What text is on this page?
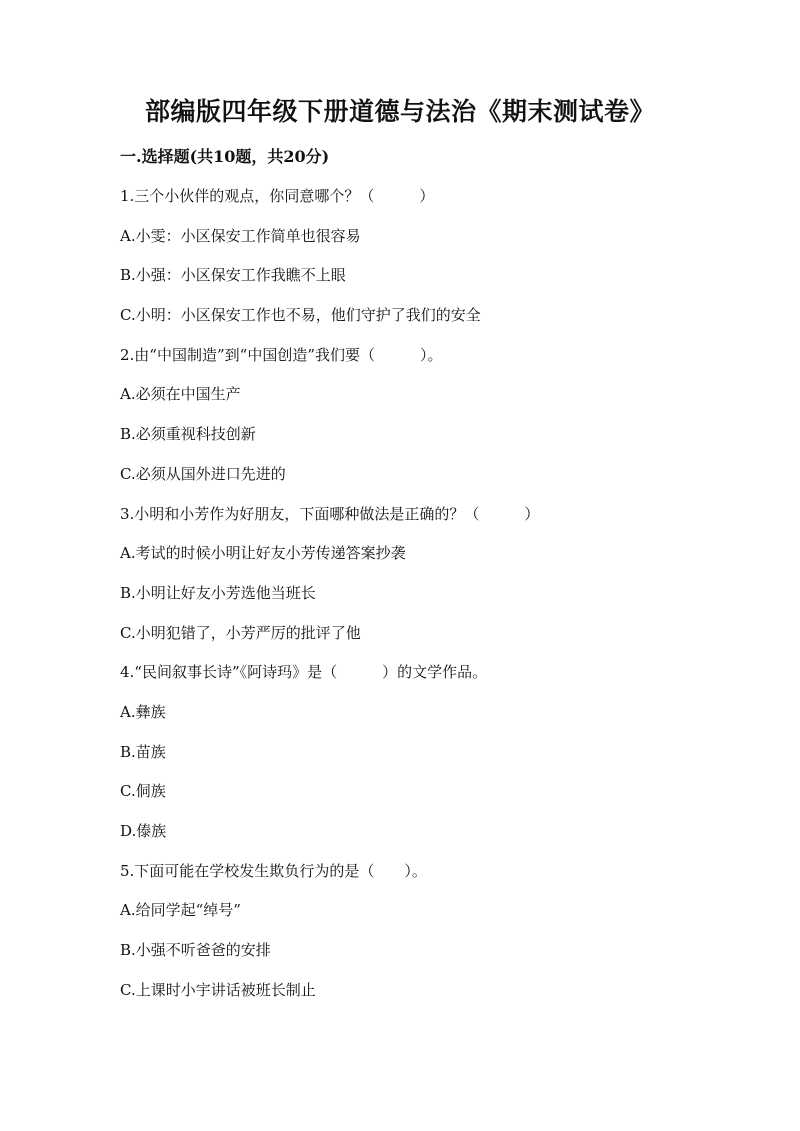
部编版四年级下册道德与法治《期末测试卷》
一.选择题(共10题，共20分)
1.三个小伙伴的观点，你同意哪个？（　　　）
A.小雯：小区保安工作简单也很容易
B.小强：小区保安工作我瞧不上眼
C.小明：小区保安工作也不易，他们守护了我们的安全
2.由“中国制造”到“中国创造”我们要（　　　）。
A.必须在中国生产
B.必须重视科技创新
C.必须从国外进口先进的
3.小明和小芳作为好朋友，下面哪种做法是正确的？（　　　）
A.考试的时候小明让好友小芳传递答案抄袭
B.小明让好友小芳选他当班长
C.小明犯错了，小芳严厉的批评了他
4.“民间叙事长诗”《阿诗玛》是（　　　）的文学作品。
A.彝族
B.苗族
C.侗族
D.傣族
5.下面可能在学校发生欺负行为的是（　　）。
A.给同学起“绰号”
B.小强不听爸爸的安排
C.上课时小宇讲话被班长制止
